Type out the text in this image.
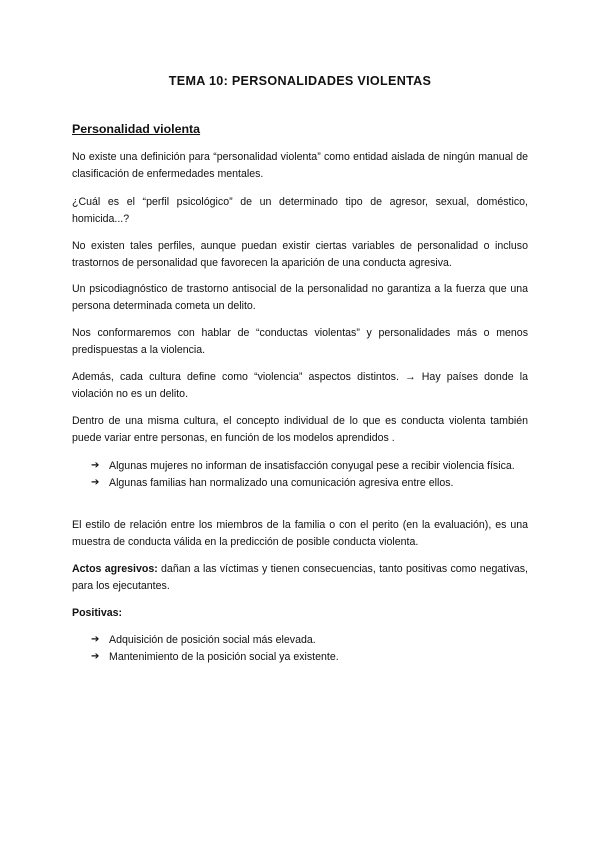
TEMA 10: PERSONALIDADES VIOLENTAS
Personalidad violenta
No existe una definición para “personalidad violenta” como entidad aislada de ningún manual de clasificación de enfermedades mentales.
¿Cuál es el “perfil psicológico” de un determinado tipo de agresor, sexual, doméstico, homicida...?
No existen tales perfiles, aunque puedan existir ciertas variables de personalidad o incluso trastornos de personalidad que favorecen la aparición de una conducta agresiva.
Un psicodiagnóstico de trastorno antisocial de la personalidad no garantiza a la fuerza que una persona determinada cometa un delito.
Nos conformaremos con hablar de “conductas violentas” y personalidades más o menos predispuestas a la violencia.
Además, cada cultura define como “violencia” aspectos distintos. → Hay países donde la violación no es un delito.
Dentro de una misma cultura, el concepto individual de lo que es conducta violenta también puede variar entre personas, en función de los modelos aprendidos .
➔ Algunas mujeres no informan de insatisfacción conyugal pese a recibir violencia física.
➔ Algunas familias han normalizado una comunicación agresiva entre ellos.
El estilo de relación entre los miembros de la familia o con el perito (en la evaluación), es una muestra de conducta válida en la predicción de posible conducta violenta.
Actos agresivos: dañan a las víctimas y tienen consecuencias, tanto positivas como negativas, para los ejecutantes.
Positivas:
➔ Adquisición de posición social más elevada.
➔ Mantenimiento de la posición social ya existente.
